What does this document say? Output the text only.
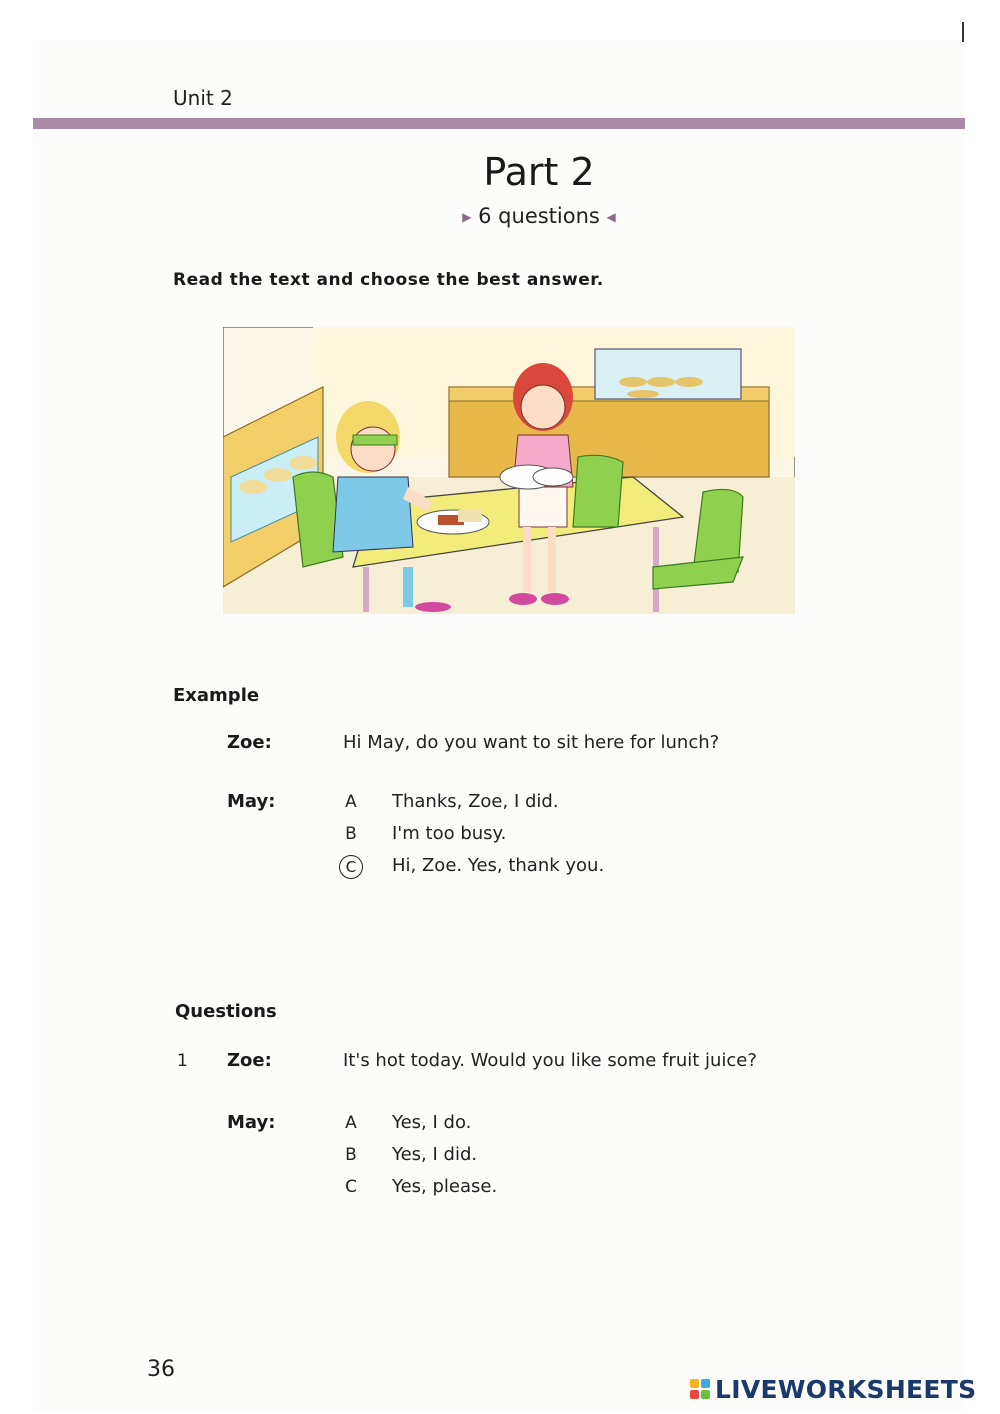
Unit 2
Part 2
▶ 6 questions ◀
Read the text and choose the best answer.
Example
Zoe:	Hi May, do you want to sit here for lunch?
May:	A	Thanks, Zoe, I did.
B	I'm too busy.
C	Hi, Zoe. Yes, thank you.
Questions
1 Zoe:	It's hot today. Would you like some fruit juice?
May:	A	Yes, I do.
B	Yes, I did.
C	Yes, please.
36
LIVEWORKSHEETS
